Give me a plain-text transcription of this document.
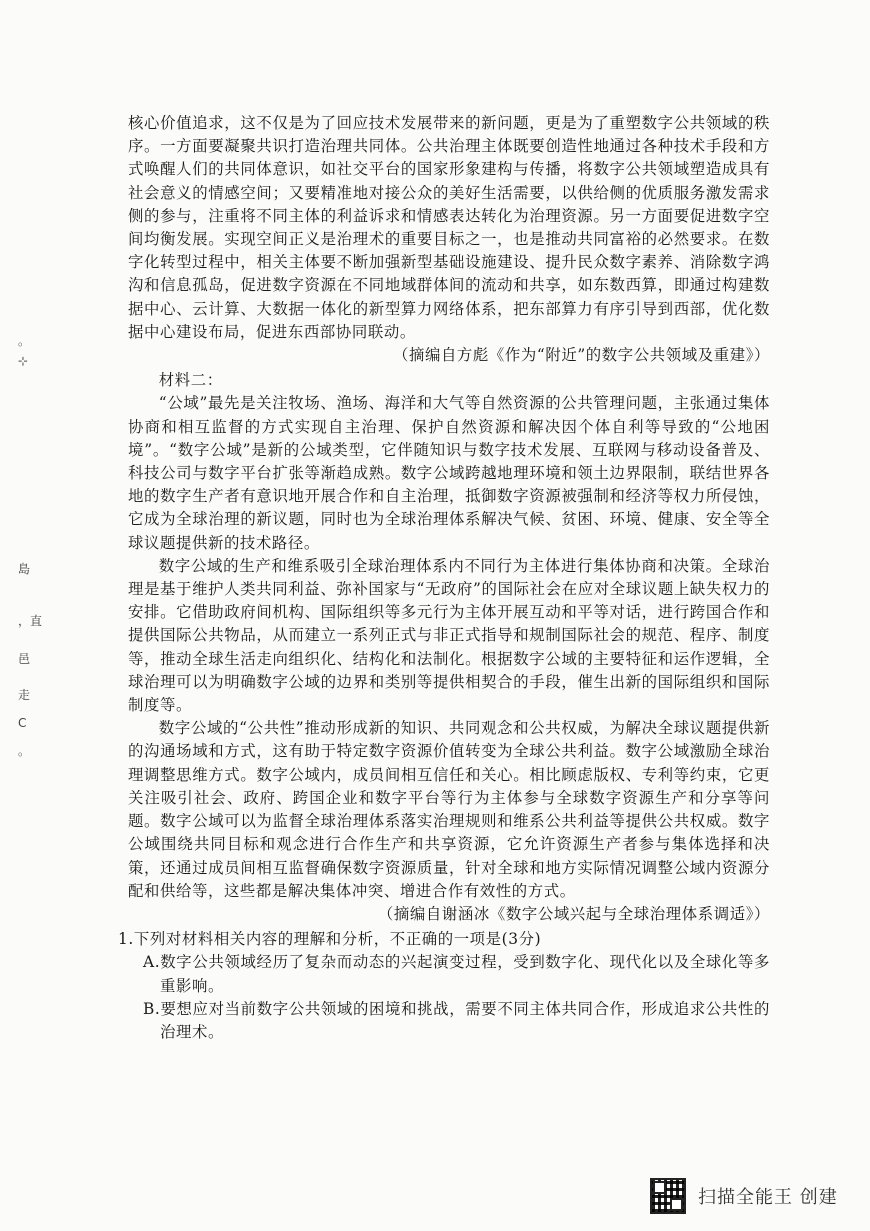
。
⊹
島
，直
邑
走
C
。

核心价值追求，这不仅是为了回应技术发展带来的新问题，更是为了重塑数字公共领域的秩序。一方面要凝聚共识打造治理共同体。公共治理主体既要创造性地通过各种技术手段和方式唤醒人们的共同体意识，如社交平台的国家形象建构与传播，将数字公共领域塑造成具有社会意义的情感空间；又要精准地对接公众的美好生活需要，以供给侧的优质服务激发需求侧的参与，注重将不同主体的利益诉求和情感表达转化为治理资源。另一方面要促进数字空间均衡发展。实现空间正义是治理术的重要目标之一，也是推动共同富裕的必然要求。在数字化转型过程中，相关主体要不断加强新型基础设施建设、提升民众数字素养、消除数字鸿沟和信息孤岛，促进数字资源在不同地域群体间的流动和共享，如东数西算，即通过构建数据中心、云计算、大数据一体化的新型算力网络体系，把东部算力有序引导到西部，优化数据中心建设布局，促进东西部协同联动。

（摘编自方彪《作为“附近”的数字公共领域及重建》）

材料二：

“公域”最先是关注牧场、渔场、海洋和大气等自然资源的公共管理问题，主张通过集体协商和相互监督的方式实现自主治理、保护自然资源和解决因个体自利等导致的“公地困境”。“数字公域”是新的公域类型，它伴随知识与数字技术发展、互联网与移动设备普及、科技公司与数字平台扩张等渐趋成熟。数字公域跨越地理环境和领土边界限制，联结世界各地的数字生产者有意识地开展合作和自主治理，抵御数字资源被强制和经济等权力所侵蚀，它成为全球治理的新议题，同时也为全球治理体系解决气候、贫困、环境、健康、安全等全球议题提供新的技术路径。

数字公域的生产和维系吸引全球治理体系内不同行为主体进行集体协商和决策。全球治理是基于维护人类共同利益、弥补国家与“无政府”的国际社会在应对全球议题上缺失权力的安排。它借助政府间机构、国际组织等多元行为主体开展互动和平等对话，进行跨国合作和提供国际公共物品，从而建立一系列正式与非正式指导和规制国际社会的规范、程序、制度等，推动全球生活走向组织化、结构化和法制化。根据数字公域的主要特征和运作逻辑，全球治理可以为明确数字公域的边界和类别等提供相契合的手段，催生出新的国际组织和国际制度等。

数字公域的“公共性”推动形成新的知识、共同观念和公共权威，为解决全球议题提供新的沟通场域和方式，这有助于特定数字资源价值转变为全球公共利益。数字公域激励全球治理调整思维方式。数字公域内，成员间相互信任和关心。相比顾虑版权、专利等约束，它更关注吸引社会、政府、跨国企业和数字平台等行为主体参与全球数字资源生产和分享等问题。数字公域可以为监督全球治理体系落实治理规则和维系公共利益等提供公共权威。数字公域围绕共同目标和观念进行合作生产和共享资源，它允许资源生产者参与集体选择和决策，还通过成员间相互监督确保数字资源质量，针对全球和地方实际情况调整公域内资源分配和供给等，这些都是解决集体冲突、增进合作有效性的方式。

（摘编自谢涵冰《数字公域兴起与全球治理体系调适》）

1.下列对材料相关内容的理解和分析，不正确的一项是(3分)

A.数字公共领域经历了复杂而动态的兴起演变过程，受到数字化、现代化以及全球化等多重影响。

B.要想应对当前数字公共领域的困境和挑战，需要不同主体共同合作，形成追求公共性的治理术。

扫描全能王 创建
